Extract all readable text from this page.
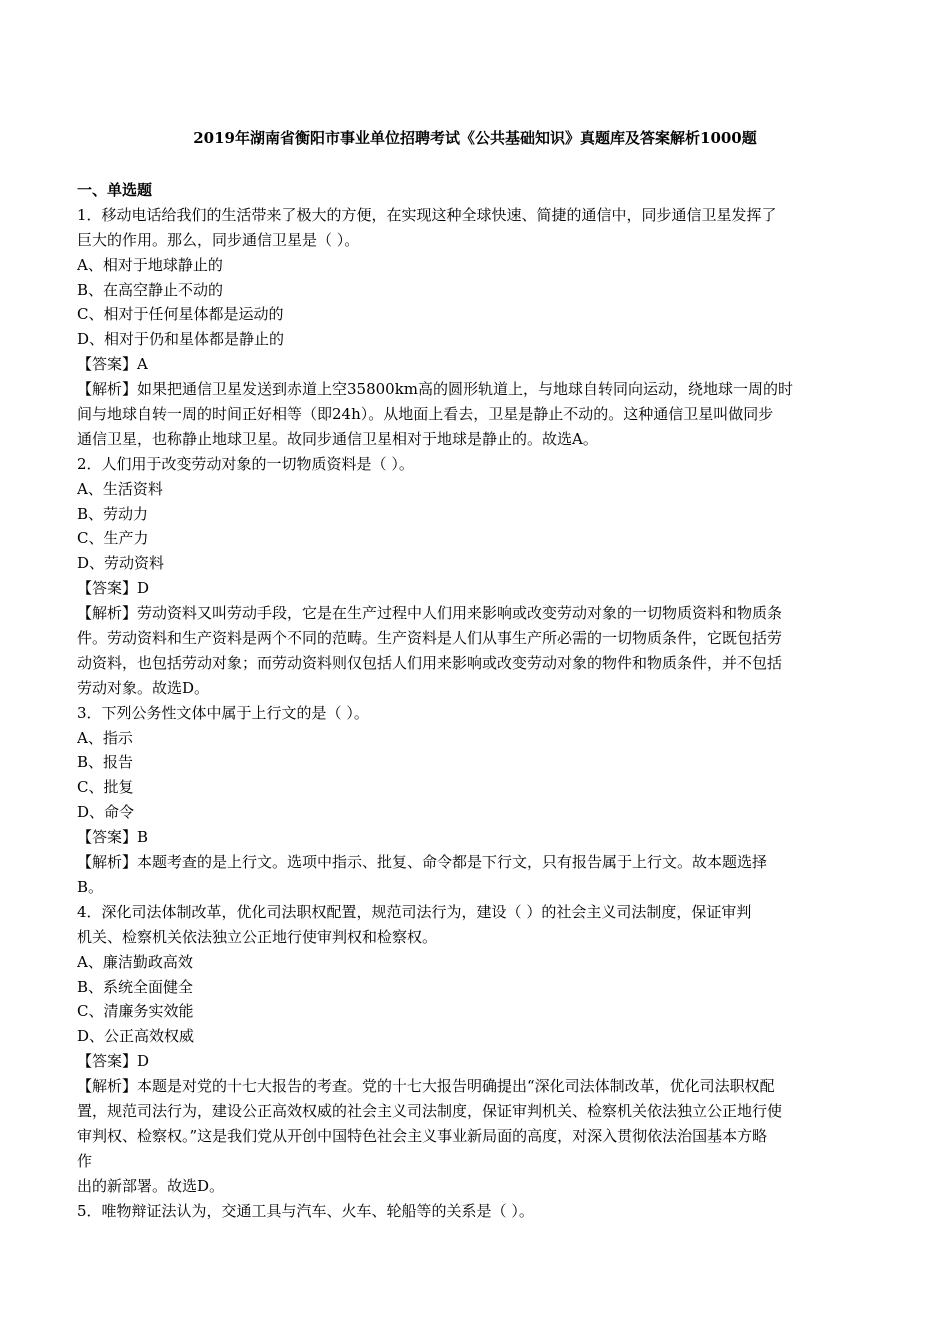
2019年湖南省衡阳市事业单位招聘考试《公共基础知识》真题库及答案解析1000题
一、单选题
1．移动电话给我们的生活带来了极大的方便，在实现这种全球快速、简捷的通信中，同步通信卫星发挥了
巨大的作用。那么，同步通信卫星是（ ）。
A、相对于地球静止的
B、在高空静止不动的
C、相对于任何星体都是运动的
D、相对于仍和星体都是静止的
【答案】A
【解析】如果把通信卫星发送到赤道上空35800km高的圆形轨道上，与地球自转同向运动，绕地球一周的时
间与地球自转一周的时间正好相等（即24h）。从地面上看去，卫星是静止不动的。这种通信卫星叫做同步
通信卫星，也称静止地球卫星。故同步通信卫星相对于地球是静止的。故选A。
2．人们用于改变劳动对象的一切物质资料是（ ）。
A、生活资料
B、劳动力
C、生产力
D、劳动资料
【答案】D
【解析】劳动资料又叫劳动手段，它是在生产过程中人们用来影响或改变劳动对象的一切物质资料和物质条
件。劳动资料和生产资料是两个不同的范畴。生产资料是人们从事生产所必需的一切物质条件，它既包括劳
动资料，也包括劳动对象；而劳动资料则仅包括人们用来影响或改变劳动对象的物件和物质条件，并不包括
劳动对象。故选D。
3．下列公务性文体中属于上行文的是（ ）。
A、指示
B、报告
C、批复
D、命令
【答案】B
【解析】本题考查的是上行文。选项中指示、批复、命令都是下行文，只有报告属于上行文。故本题选择
B。
4．深化司法体制改革，优化司法职权配置，规范司法行为，建设（ ）的社会主义司法制度，保证审判
机关、检察机关依法独立公正地行使审判权和检察权。
A、廉洁勤政高效
B、系统全面健全
C、清廉务实效能
D、公正高效权威
【答案】D
【解析】本题是对党的十七大报告的考查。党的十七大报告明确提出“深化司法体制改革，优化司法职权配
置，规范司法行为，建设公正高效权威的社会主义司法制度，保证审判机关、检察机关依法独立公正地行使
审判权、检察权。”这是我们党从开创中国特色社会主义事业新局面的高度，对深入贯彻依法治国基本方略
作
出的新部署。故选D。
5．唯物辩证法认为，交通工具与汽车、火车、轮船等的关系是（ ）。
